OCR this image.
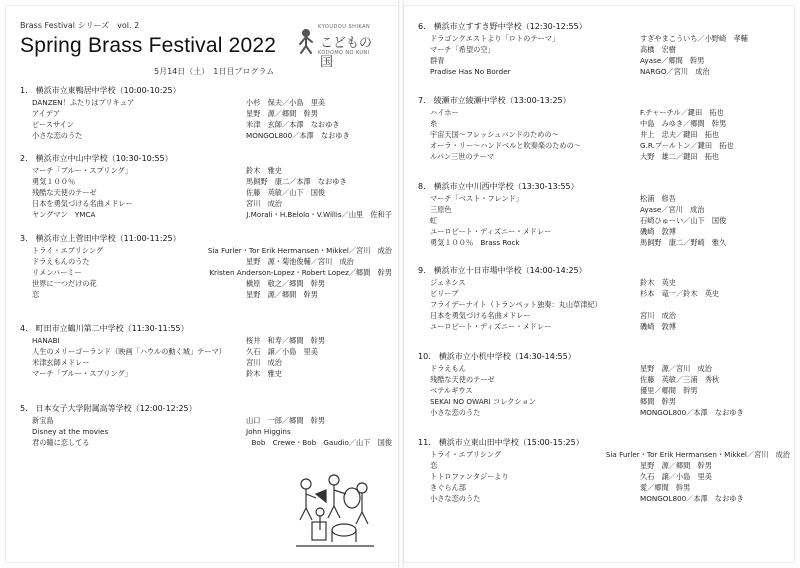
Brass Festival シリーズ　vol. 2
Spring Brass Festival 2022
5月14日（土）　1日目プログラム
KYOUDOU SHIKAN
こどもの国
KODOMO NO KUNI
1.　横浜市立東鴨居中学校（10:00-10:25）
DANZEN！ふたりはプリキュア	小杉　保夫／小島　里美
アイデア	星野　源／郷間　幹男
ピースサイン	米津　玄師／本澤　なおゆき
小さな恋のうた	MONGOL800／本澤　なおゆき
2.　横浜市立中山中学校（10:30-10:55）
マーチ「ブルー・スプリング」	鈴木　雅史
勇気１００％	馬飼野　康二／本澤　なおゆき
残酷な天使のテーゼ	佐藤　英敏／山下　国俊
日本を勇気づける名曲メドレー	宮川　成治
ヤングマン　YMCA	J.Morali・H.Belolo・V.Willis／山里　佐和子
3.　横浜市立上菅田中学校（11:00-11:25）
トライ・エブリシング	Sia Furler・Tor Erik Hermansen・Mikkel／宮川　成治
ドラえもんのうた	星野　源・菊池俊輔／宮川　成治
リメンバーミー	Kristen Anderson-Lopez・Robert Lopez／郷間　幹男
世界に一つだけの花	槇原　敬之／郷間　幹男
恋	星野　源／郷間　幹男
4.　町田市立鶴川第二中学校（11:30-11:55）
HANABI	桜井　和寿／郷間　幹男
人生のメリーゴーランド（映画「ハウルの動く城」テーマ）	久石　譲／小島　里美
米津玄師メドレー	宮川　成治
マーチ「ブルー・スプリング」	鈴木　雅史
5.　日本女子大学附属高等学校（12:00-12:25）
新宝島	山口　一郎／郷間　幹男
Disney at the movies	John Higgins
君の瞳に恋してる	Bob　Crewe・Bob　Gaudio／山下　国俊
6.　横浜市立すすき野中学校（12:30-12:55）
ドラゴンクエストより「ロトのテーマ」	すぎやまこういち／小野崎　孝輔
マーチ「希望の空」	高橋　宏樹
群青	Ayase／郷間　幹男
Pradise Has No Border	NARGO／宮川　成治
7.　綾瀬市立綾瀬中学校（13:00-13:25）
ハイホー	F.チャーチル／鍵田　拓也
糸	中島　みゆき／郷間　幹男
宇宙天国～フレッシュバンドのための～	井上　忠夫／鍵田　拓也
オーラ・リー～ハンドベルと吹奏楽のための～	G.R.プールトン／鍵田　拓也
ルパン三世のテーマ	大野　雄二／鍵田　拓也
8.　横浜市立中川西中学校（13:30-13:55）
マーチ「ベスト・フレンド」	松浦　修吾
三原色	Ayase／宮川　成治
虹	石崎ひゅーい／山下　国俊
ユーロビート・ディズニー・メドレー	磯崎　敦博
勇気１００％　Brass Rock	馬飼野　康二／野崎　雅久
9.　横浜市立十日市場中学校（14:00-14:25）
ジェネシス	鈴木　英史
ビリーブ	杉本　竜一／鈴木　英史
フライデーナイト（トランペット独奏：丸山草津紀）
日本を勇気づける名曲メドレー	宮川　成治
ユーロビート・ディズニー・メドレー	磯崎　敦博
10.　横浜市立小机中学校（14:30-14:55）
ドラえもん	星野　源／宮川　成治
残酷な天使のテーゼ	佐藤　英敏／三浦　秀秋
ベテルギウス	優里／郷間　幹男
SEKAI NO OWARI コレクション	郷間　幹男
小さな恋のうた	MONGOL800／本澤　なおゆき
11.　横浜市立東山田中学校（15:00-15:25）
トライ・エブリシング	Sia Furler・Tor Erik Hermansen・Mikkel／宮川　成治
恋	星野　源／郷間　幹男
トトロファンタジーより	久石　譲／小島　里美
きぐらん部	愛／郷間　幹男
小さな恋のうた	MONGOL800／本澤　なおゆき
